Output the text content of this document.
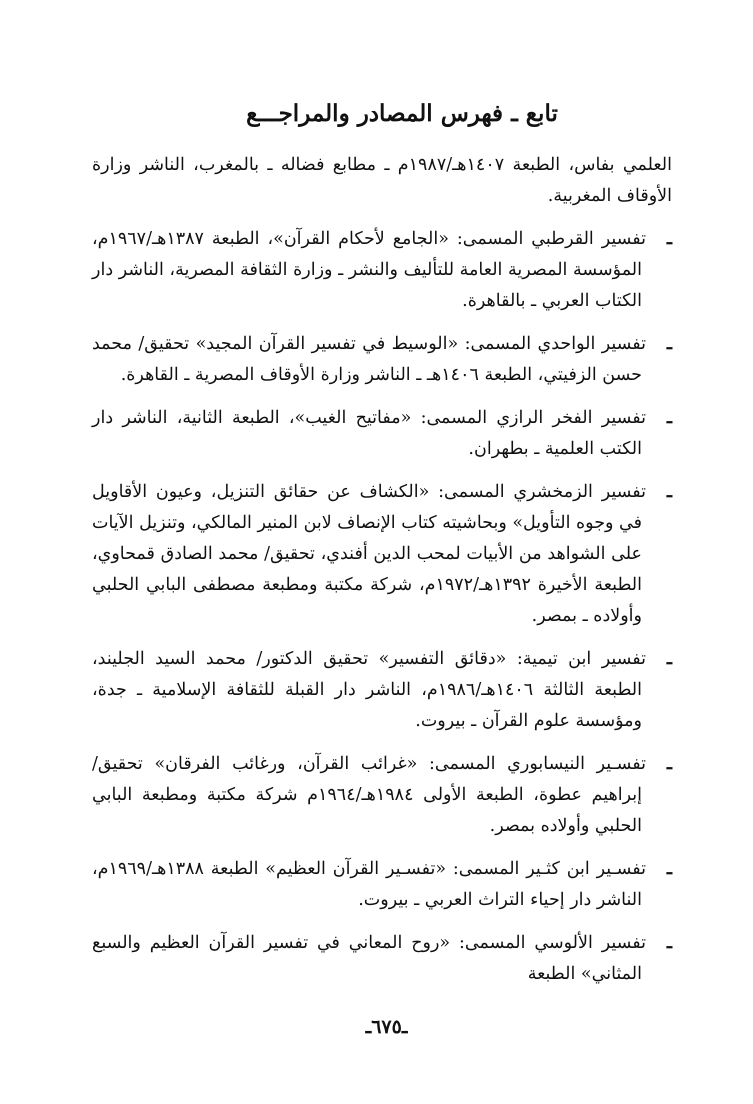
تابع ـ فهرس المصادر والمراجـــع

العلمي بفاس، الطبعة ١٤٠٧هـ/١٩٨٧م ـ مطابع فضاله ـ بالمغرب، الناشر وزارة الأوقاف المغربية.

ـتفسير القرطبي المسمى: «الجامع لأحكام القرآن»، الطبعة ١٣٨٧هـ/١٩٦٧م، المؤسسة المصرية العامة للتأليف والنشر ـ وزارة الثقافة المصرية، الناشر دار الكتاب العربي ـ بالقاهرة.

ـتفسير الواحدي المسمى: «الوسيط في تفسير القرآن المجيد» تحقيق/ محمد حسن الزفيتي، الطبعة ١٤٠٦هـ ـ الناشر وزارة الأوقاف المصرية ـ القاهرة.

ـتفسير الفخر الرازي المسمى: «مفاتيح الغيب»، الطبعة الثانية، الناشر دار الكتب العلمية ـ بطهران.

ـتفسير الزمخشري المسمى: «الكشاف عن حقائق التنزيل، وعيون الأقاويل في وجوه التأويل» وبحاشيته كتاب الإنصاف لابن المنير المالكي، وتنزيل الآيات على الشواهد من الأبيات لمحب الدين أفندي، تحقيق/ محمد الصادق قمحاوي، الطبعة الأخيرة ١٣٩٢هـ/١٩٧٢م، شركة مكتبة ومطبعة مصطفى البابي الحلبي وأولاده ـ بمصر.

ـتفسير ابن تيمية: «دقائق التفسير» تحقيق الدكتور/ محمد السيد الجليند، الطبعة الثالثة ١٤٠٦هـ/١٩٨٦م، الناشر دار القبلة للثقافة الإسلامية ـ جدة، ومؤسسة علوم القرآن ـ بيروت.

ـتفسـير النيسابوري المسمى: «غرائب القرآن، ورغائب الفرقان» تحقيق/ إبراهيم عطوة، الطبعة الأولى ١٩٨٤هـ/١٩٦٤م شركة مكتبة ومطبعة البابي الحلبي وأولاده بمصر.

ـتفسـير ابن كثـير المسمى: «تفسـير القرآن العظيم» الطبعة ١٣٨٨هـ/١٩٦٩م، الناشر دار إحياء التراث العربي ـ بيروت.

ـتفسير الألوسي المسمى: «روح المعاني في تفسير القرآن العظيم والسبع المثاني» الطبعة

ـ٦٧٥ـ
